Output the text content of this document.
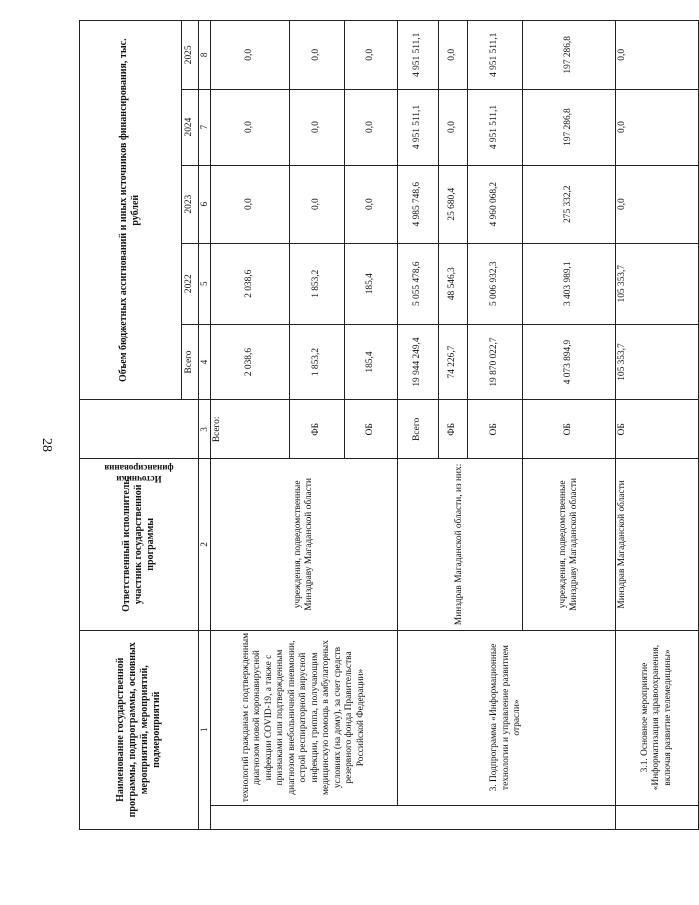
28
Наименование государственной программы, подпрограммы, основных мероприятий, мероприятий, подмероприятий		Ответственный исполнитель, участник государственной программы	Источники финансирования	Объем бюджетных ассигнований и иных источников финансирования, тыс. рублей				
				Всего	2022	2023	2024	2025
1		2	3	4	5	6	7	8
	технологий гражданам с подтвержденным диагнозом новой коронавирусной инфекции COVID-19, а также с признаками или подтвержденным диагнозом внебольничной пневмонии, острой респираторной вирусной инфекции, гриппа, получающим медицинскую помощь в амбулаторных условиях (на дому), за счет средств резервного фонда Правительства Российской Федерации»	учреждения, подведомственные Минздраву Магаданской области	Всего:	2 038,6	2 038,6	0,0	0,0	0,0
			ФБ	1 853,2	1 853,2	0,0	0,0	0,0
			ОБ	185,4	185,4	0,0	0,0	0,0
	3. Подпрограмма «Информационные технологии и управление развитием отрасли»	Минздрав Магаданской области, из них:	Всего	19 944 249,4	5 055 478,6	4 985 748,6	4 951 511,1	4 951 511,1
			ФБ	74 226,7	48 546,3	25 680,4	0,0	0,0
			ОБ	19 870 022,7	5 006 932,3	4 960 068,2	4 951 511,1	4 951 511,1
		учреждения, подведомственные Минздраву Магаданской области	ОБ	4 073 894,9	3 403 989,1	275 332,2	197 286,8	197 286,8
	3.1. Основное мероприятие «Информатизация здравоохранения, включая развитие телемедицины»	Минздрав Магаданской области	ОБ	105 353,7	105 353,7	0,0	0,0	0,0
